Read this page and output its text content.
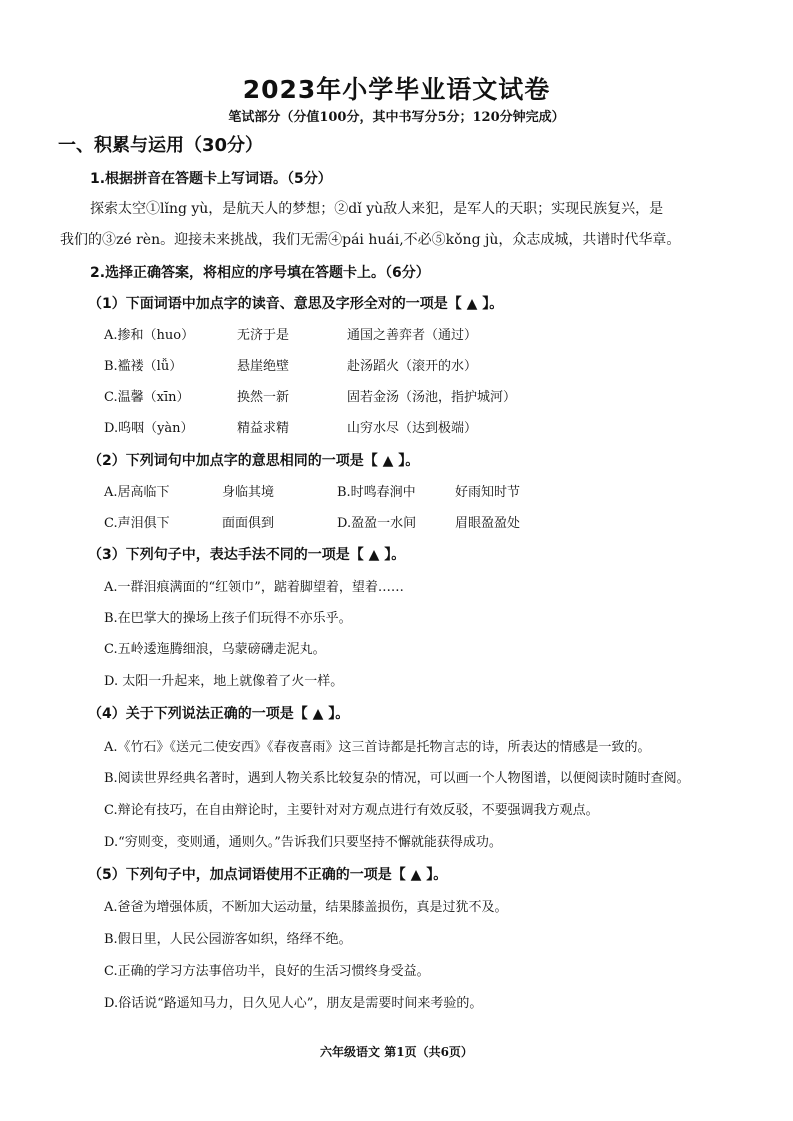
2023年小学毕业语文试卷
笔试部分（分值100分，其中书写分5分；120分钟完成）
一、积累与运用（30分）
1.根据拼音在答题卡上写词语。（5分）
探索太空①lǐng yù，是航天人的梦想；②dǐ yù敌人来犯，是军人的天职；实现民族复兴，是
我们的③zé rèn。迎接未来挑战，我们无需④pái huái,不必⑤kǒng jù，众志成城，共谱时代华章。
2.选择正确答案，将相应的序号填在答题卡上。（6分）
（1）下面词语中加点字的读音、意思及字形全对的一项是【 ▲ 】。
A.掺和（huo）	无济于是	通国之善弈者（通过）
B.褴褛（lǚ）	悬崖绝壁	赴汤蹈火（滚开的水）
C.温馨（xīn）	换然一新	固若金汤（汤池，指护城河）
D.呜咽（yàn）	精益求精	山穷水尽（达到极端）
（2）下列词句中加点字的意思相同的一项是【 ▲ 】。
A.居高临下	身临其境	B.时鸣春涧中	好雨知时节
C.声泪俱下	面面俱到	D.盈盈一水间	眉眼盈盈处
（3）下列句子中，表达手法不同的一项是【 ▲ 】。
A.一群泪痕满面的“红领巾”，踮着脚望着，望着……
B.在巴掌大的操场上孩子们玩得不亦乐乎。
C.五岭逶迤腾细浪，乌蒙磅礴走泥丸。
D. 太阳一升起来，地上就像着了火一样。
（4）关于下列说法正确的一项是【 ▲ 】。
A.《竹石》《送元二使安西》《春夜喜雨》这三首诗都是托物言志的诗，所表达的情感是一致的。
B.阅读世界经典名著时，遇到人物关系比较复杂的情况，可以画一个人物图谱，以便阅读时随时查阅。
C.辩论有技巧，在自由辩论时，主要针对对方观点进行有效反驳，不要强调我方观点。
D.“穷则变，变则通，通则久。”告诉我们只要坚持不懈就能获得成功。
（5）下列句子中，加点词语使用不正确的一项是【 ▲ 】。
A.爸爸为增强体质，不断加大运动量，结果膝盖损伤，真是过犹不及。
B.假日里，人民公园游客如织，络绎不绝。
C.正确的学习方法事倍功半，良好的生活习惯终身受益。
D.俗话说“路遥知马力，日久见人心”，朋友是需要时间来考验的。
六年级语文 第1页（共6页）
